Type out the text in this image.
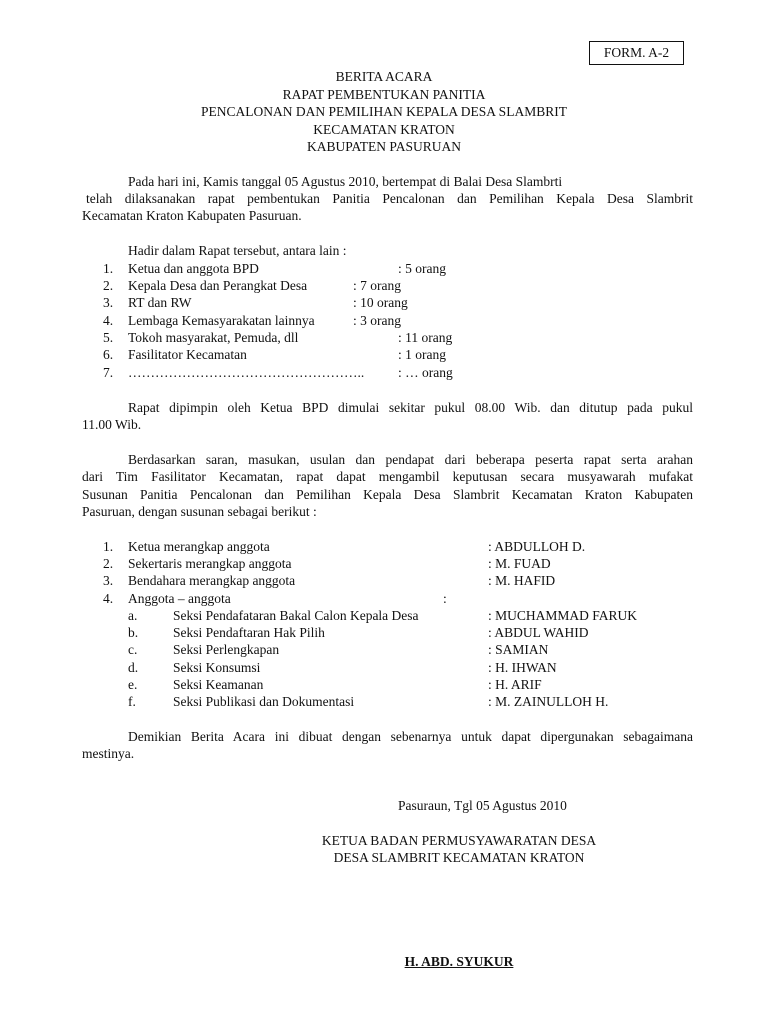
FORM. A-2
BERITA ACARA
RAPAT PEMBENTUKAN PANITIA
PENCALONAN DAN PEMILIHAN KEPALA DESA SLAMBRIT
KECAMATAN KRATON
KABUPATEN PASURUAN
Pada hari ini, Kamis tanggal 05 Agustus 2010, bertempat di Balai Desa Slambrti
telah dilaksanakan rapat pembentukan Panitia Pencalonan dan Pemilihan Kepala Desa Slambrit
Kecamatan Kraton Kabupaten Pasuruan.
Hadir dalam Rapat tersebut, antara lain :
1.	Ketua dan anggota BPD	: 5 orang
2.	Kepala Desa dan Perangkat Desa	: 7 orang
3.	RT dan RW	: 10 orang
4.	Lembaga Kemasyarakatan lainnya	: 3 orang
5.	Tokoh masyarakat, Pemuda, dll	: 11 orang
6.	Fasilitator Kecamatan	: 1 orang
7.	……………………………………………..	: … orang
Rapat dipimpin oleh Ketua BPD dimulai sekitar pukul 08.00 Wib. dan ditutup pada pukul
11.00 Wib.
Berdasarkan saran, masukan, usulan dan pendapat dari beberapa peserta rapat serta arahan
dari Tim Fasilitator Kecamatan, rapat dapat mengambil keputusan secara musyawarah mufakat
Susunan Panitia Pencalonan dan Pemilihan Kepala Desa Slambrit Kecamatan Kraton Kabupaten
Pasuruan, dengan susunan sebagai berikut :
1.	Ketua merangkap anggota	: ABDULLOH D.
2.	Sekertaris merangkap anggota	: M. FUAD
3.	Bendahara merangkap anggota	: M. HAFID
4.	Anggota – anggota	:
a.	Seksi Pendafataran Bakal Calon Kepala Desa	: MUCHAMMAD FARUK
b.	Seksi Pendaftaran Hak Pilih	: ABDUL WAHID
c.	Seksi Perlengkapan	: SAMIAN
d.	Seksi Konsumsi	: H. IHWAN
e.	Seksi Keamanan	: H. ARIF
f.	Seksi Publikasi dan Dokumentasi	: M. ZAINULLOH H.
Demikian Berita Acara ini dibuat dengan sebenarnya untuk dapat dipergunakan sebagaimana
mestinya.
Pasuraun, Tgl 05 Agustus 2010
KETUA BADAN PERMUSYAWARATAN DESA
DESA SLAMBRIT KECAMATAN KRATON
H. ABD. SYUKUR
